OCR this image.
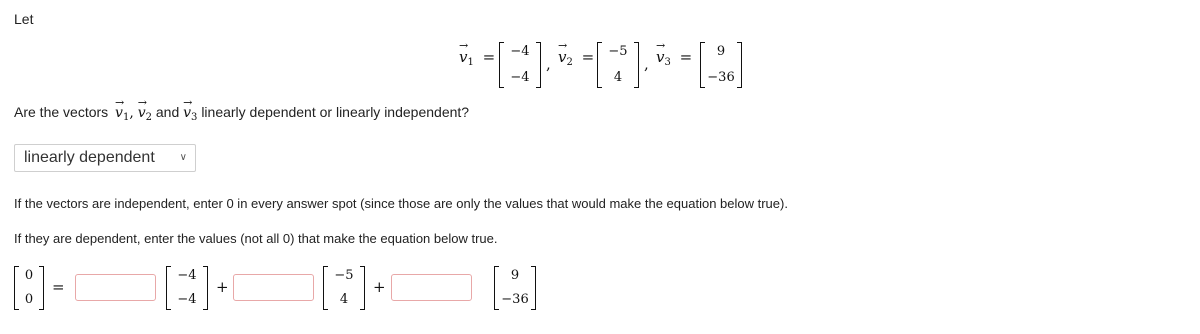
Let
→
$v_1 = -4$
−4
,
→
$v_2 = -5$
4
,
→
$v_3 = 9$
−36
Are the vectors
→
$v_1$,
→
$v_2$ and
→
$v_3$ linearly dependent or linearly independent?
linearly dependent ∨
If the vectors are independent, enter 0 in every answer spot (since those are only the values that would make the equation below true).
If they are dependent, enter the values (not all 0) that make the equation below true.
0
0
=
−4
−4
+
−5
4
+
9
−36
